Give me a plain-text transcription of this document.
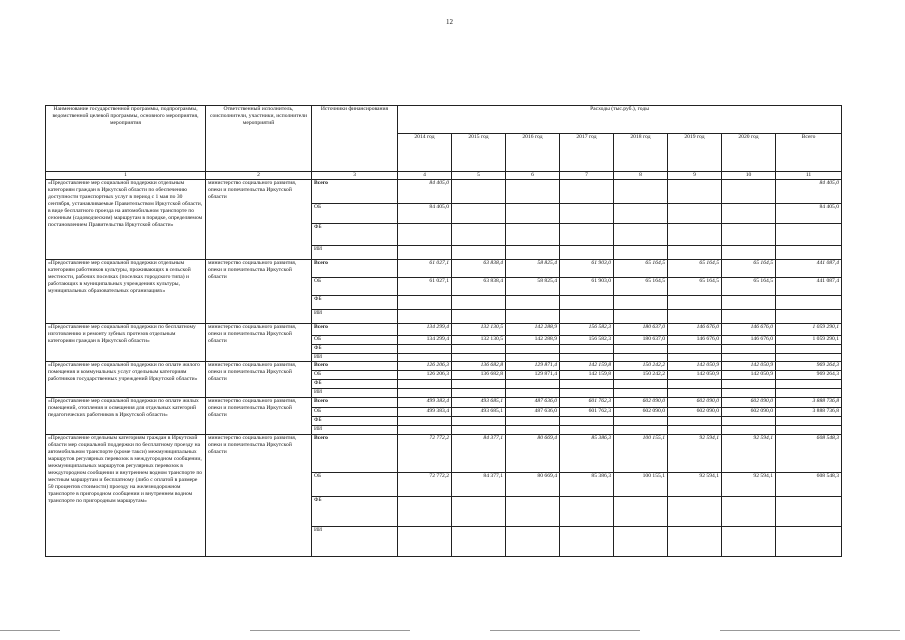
12
Наименование государственной программы, подпрограммы, ведомственной целевой программы, основного мероприятия, мероприятия	Ответственный исполнитель, соисполнители, участники, исполнители мероприятий	Источники финансирования	Расходы (тыс.руб.), годы							
			2014 год	2015 год	2016 год	2017 год	2018 год	2019 год	2020 год	Всего
1	2	3	4	5	6	7	8	9	10	11
«Предоставление мер социальной поддержки отдельным категориям граждан в Иркутской области по обеспечению доступности транспортных услуг в период с 1 мая по 30 сентября, устанавливаемые Правительством Иркутской области, в виде бесплатного проезда на автомобильном транспорте по сезонным (садоводческим) маршрутам в порядке, определяемом постановлением Правительства Иркутской области»	министерство социального развития, опеки и попечительства Иркутской области	Всего	84 405,0							84 405,0
		ОБ	84 405,0							84 405,0
		ФБ								
		ИИ								
«Предоставление мер социальной поддержки отдельным категориям работников культуры, проживающих в сельской местности, рабочих поселках (поселках городского типа) и работающих в муниципальных учреждениях культуры, муниципальных образовательных организациях»	министерство социального развития, опеки и попечительства Иркутской области	Всего	61 027,1	63 838,4	58 825,4	61 903,0	65 164,5	65 164,5	65 164,5	441 087,4
		ОБ	61 027,1	63 838,4	58 825,4	61 903,0	65 164,5	65 164,5	65 164,5	441 087,4
		ФБ								
		ИИ								
«Предоставление мер социальной поддержки по бесплатному изготовлению и ремонту зубных протезов отдельным категориям граждан в Иркутской области»	министерство социального развития, опеки и попечительства Иркутской области	Всего	134 299,4	132 130,5	142 288,9	156 582,3	180 637,0	146 676,0	146 676,0	1 059 290,1
		ОБ	134 299,4	132 130,5	142 288,9	156 582,3	180 637,0	146 676,0	146 676,0	1 059 290,1
		ФБ								
		ИИ								
«Предоставление мер социальной поддержки по оплате жилого помещения и коммунальных услуг отдельным категориям работников государственных учреждений Иркутской области»	министерство социального развития, опеки и попечительства Иркутской области	Всего	126 206,3	136 682,8	129 871,4	142 159,8	150 242,2	142 050,9	142 050,9	969 264,3
		ОБ	126 206,3	136 682,8	129 871,4	142 159,8	150 242,2	142 050,9	142 050,9	969 264,3
		ФБ								
		ИИ								
«Предоставление мер социальной поддержки по оплате жилых помещений, отопления и освещения для отдельных категорий педагогических работников в Иркутской области»	министерство социального развития, опеки и попечительства Иркутской области	Всего	499 383,4	493 685,1	487 636,0	601 762,3	602 090,0	602 090,0	602 090,0	3 888 736,8
		ОБ	499 383,4	493 685,1	487 636,0	601 762,3	602 090,0	602 090,0	602 090,0	3 888 736,8
		ФБ								
		ИИ								
«Предоставление отдельным категориям граждан в Иркутской области мер социальной поддержки по бесплатному проезду на автомобильном транспорте (кроме такси) межмуниципальных маршрутов регулярных перевозок в междугородном сообщении, межмуниципальных маршрутов регулярных перевозок в междугородном сообщении и внутреннем водном транспорте по местным маршрутам и бесплатному (либо с оплатой в размере 50 процентов стоимости) проезду на железнодорожном транспорте в пригородном сообщении и внутреннем водном транспорте по пригородным маршрутам»	министерство социального развития, опеки и попечительства Иркутской области	Всего	72 772,2	84 377,1	80 669,4	85 386,3	100 155,1	92 594,1	92 594,1	608 548,3
		ОБ	72 772,2	84 377,1	80 669,4	85 386,3	100 155,1	92 594,1	92 594,1	608 548,3
		ФБ								
		ИИ								
